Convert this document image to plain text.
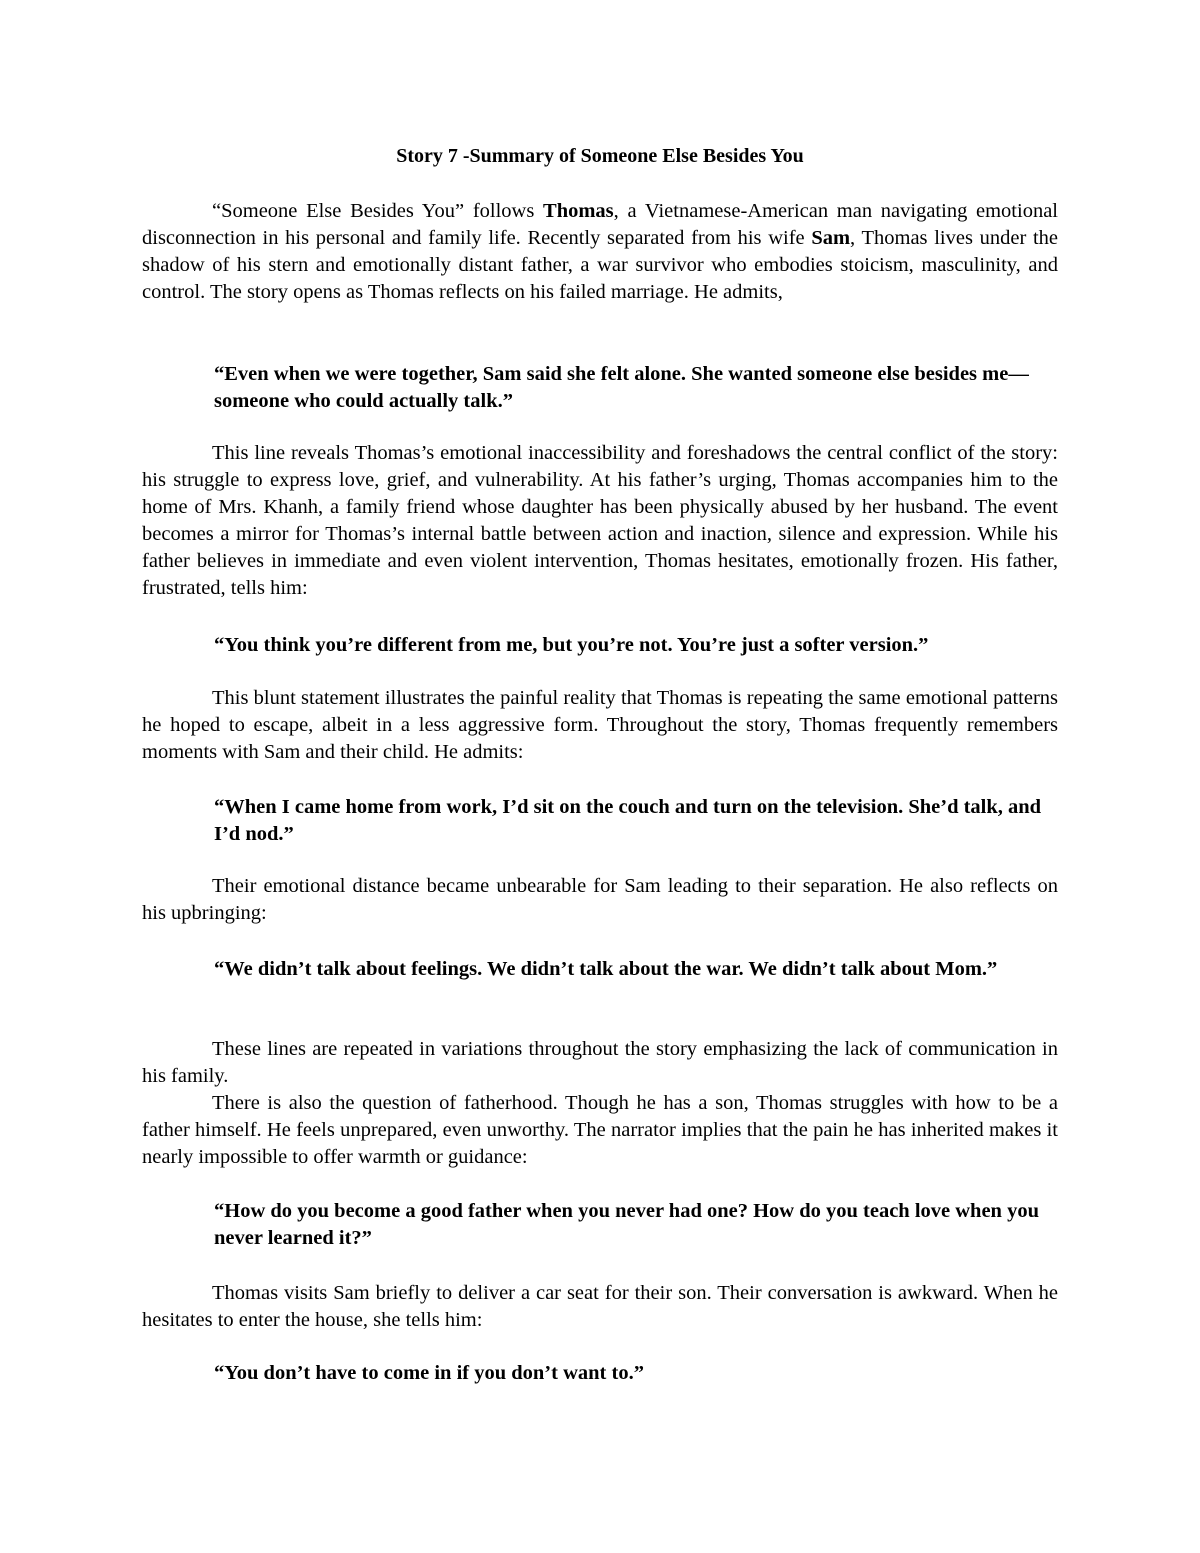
Story 7 -Summary of Someone Else Besides You
“Someone Else Besides You” follows Thomas, a Vietnamese-American man navigating emotional disconnection in his personal and family life. Recently separated from his wife Sam, Thomas lives under the shadow of his stern and emotionally distant father, a war survivor who embodies stoicism, masculinity, and control. The story opens as Thomas reflects on his failed marriage. He admits,
“Even when we were together, Sam said she felt alone. She wanted someone else besides me—someone who could actually talk.”
This line reveals Thomas’s emotional inaccessibility and foreshadows the central conflict of the story: his struggle to express love, grief, and vulnerability. At his father’s urging, Thomas accompanies him to the home of Mrs. Khanh, a family friend whose daughter has been physically abused by her husband. The event becomes a mirror for Thomas’s internal battle between action and inaction, silence and expression. While his father believes in immediate and even violent intervention, Thomas hesitates, emotionally frozen. His father, frustrated, tells him:
“You think you’re different from me, but you’re not. You’re just a softer version.”
This blunt statement illustrates the painful reality that Thomas is repeating the same emotional patterns he hoped to escape, albeit in a less aggressive form. Throughout the story, Thomas frequently remembers moments with Sam and their child. He admits:
“When I came home from work, I’d sit on the couch and turn on the television. She’d talk, and I’d nod.”
Their emotional distance became unbearable for Sam leading to their separation. He also reflects on his upbringing:
“We didn’t talk about feelings. We didn’t talk about the war. We didn’t talk about Mom.”
These lines are repeated in variations throughout the story emphasizing the lack of communication in his family.
There is also the question of fatherhood. Though he has a son, Thomas struggles with how to be a father himself. He feels unprepared, even unworthy. The narrator implies that the pain he has inherited makes it nearly impossible to offer warmth or guidance:
“How do you become a good father when you never had one? How do you teach love when you never learned it?”
Thomas visits Sam briefly to deliver a car seat for their son. Their conversation is awkward. When he hesitates to enter the house, she tells him:
“You don’t have to come in if you don’t want to.”
